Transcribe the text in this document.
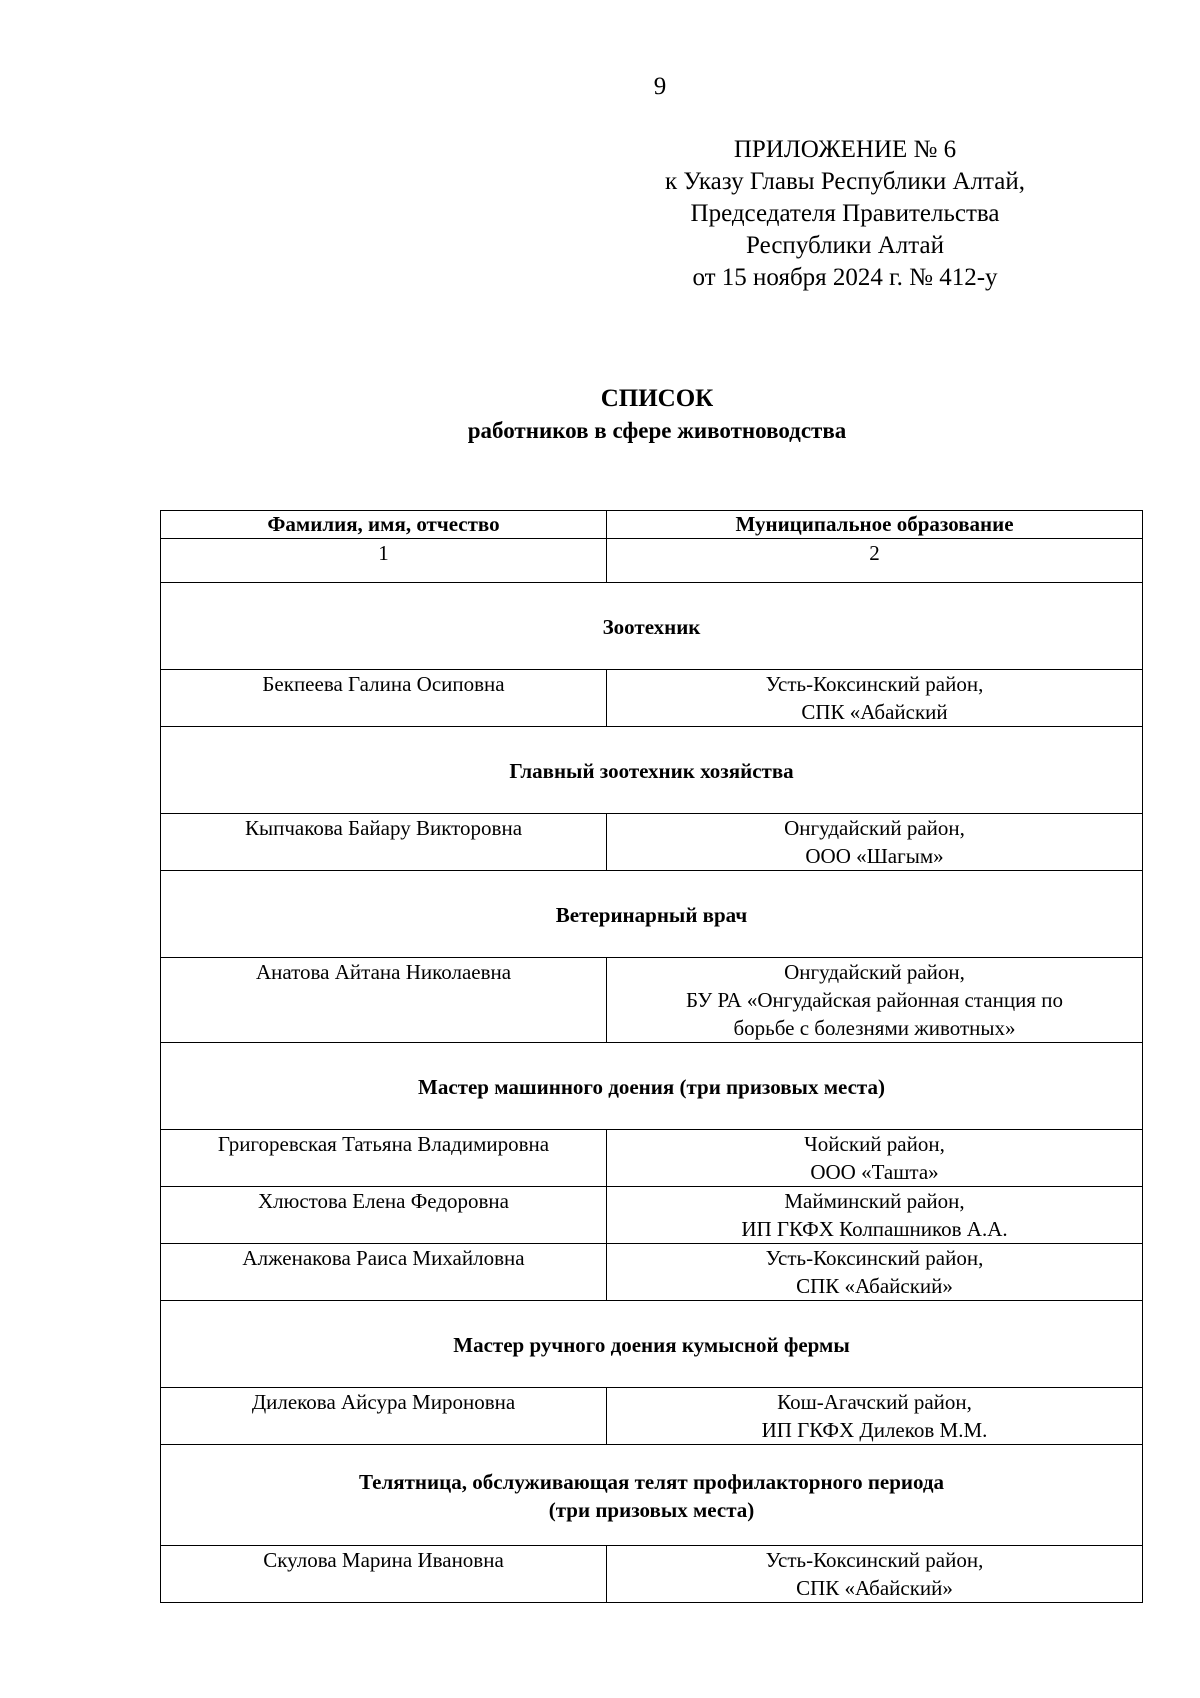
9
ПРИЛОЖЕНИЕ № 6
к Указу Главы Республики Алтай,
Председателя Правительства
Республики Алтай
от 15 ноября 2024 г. № 412-у
СПИСОК
работников в сфере животноводства
Фамилия, имя, отчество	Муниципальное образование
1	2

Зоотехник	

Бекпеева Галина Осиповна	Усть-Коксинский район,
СПК «Абайский

Главный зоотехник хозяйства	

Кыпчакова Байару Викторовна	Онгудайский район,
ООО «Шагым»

Ветеринарный врач	

Анатова Айтана Николаевна	Онгудайский район,
БУ РА «Онгудайская районная станция по
борьбе с болезнями животных»

Мастер машинного доения (три призовых места)	

Григоревская Татьяна Владимировна	Чойский район,
ООО «Ташта»

Хлюстова Елена Федоровна	Майминский район,
ИП ГКФХ Колпашников А.А.

Алженакова Раиса Михайловна	Усть-Коксинский район,
СПК «Абайский»

Мастер ручного доения кумысной фермы	

Дилекова Айсура Мироновна	Кош-Агачский район,
ИП ГКФХ Дилеков М.М.

Телятница, обслуживающая телят профилакторного периода
(три призовых места)	

Скулова Марина Ивановна	Усть-Коксинский район,
СПК «Абайский»
